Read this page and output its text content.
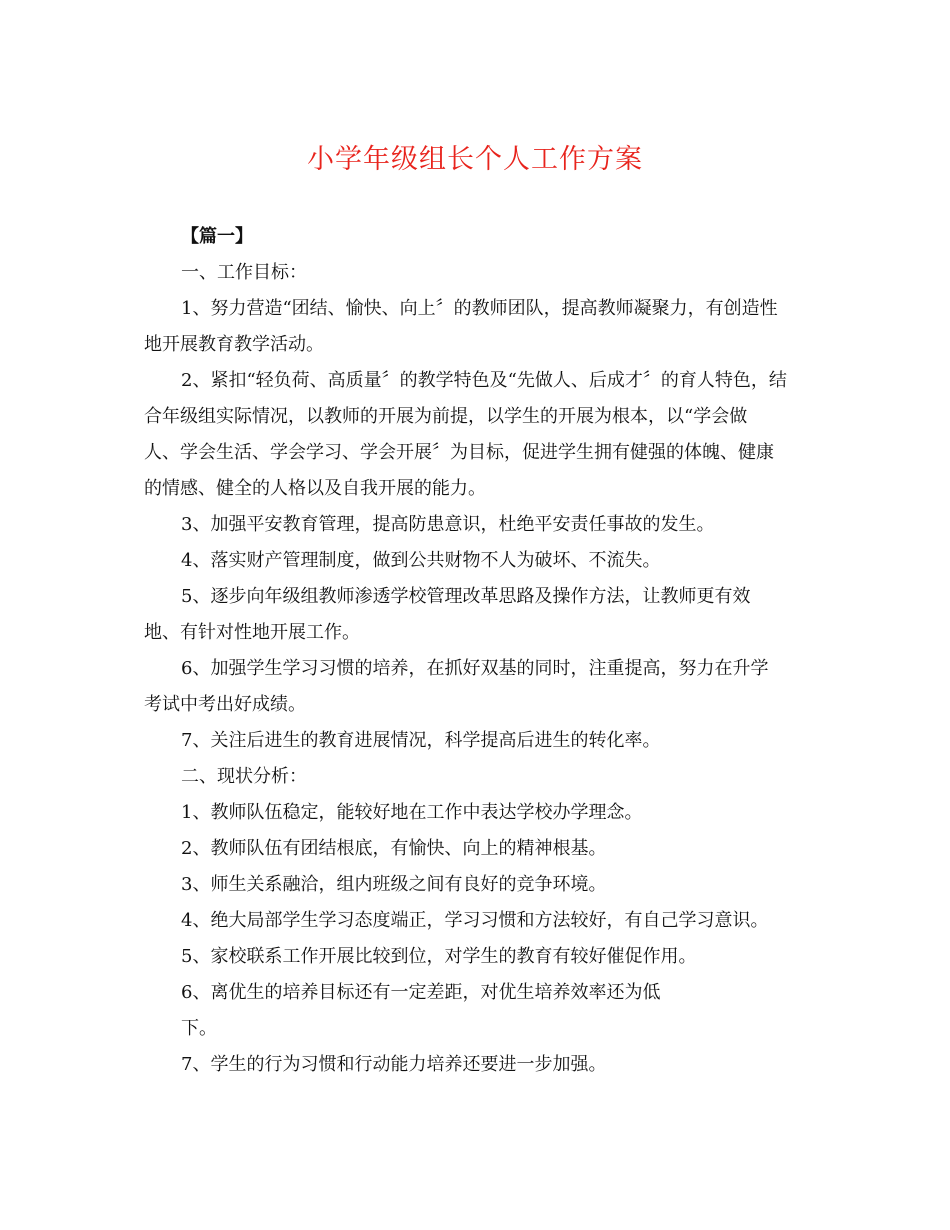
小学年级组长个人工作方案

【篇一】

一、工作目标：

1、努力营造“团结、愉快、向上〞的教师团队，提高教师凝聚力，有创造性

地开展教育教学活动。

2、紧扣“轻负荷、高质量〞的教学特色及“先做人、后成才〞的育人特色，结

合年级组实际情况，以教师的开展为前提，以学生的开展为根本，以“学会做

人、学会生活、学会学习、学会开展〞为目标，促进学生拥有健强的体魄、健康

的情感、健全的人格以及自我开展的能力。

3、加强平安教育管理，提高防患意识，杜绝平安责任事故的发生。

4、落实财产管理制度，做到公共财物不人为破坏、不流失。

5、逐步向年级组教师渗透学校管理改革思路及操作方法，让教师更有效

地、有针对性地开展工作。

6、加强学生学习习惯的培养，在抓好双基的同时，注重提高，努力在升学

考试中考出好成绩。

7、关注后进生的教育进展情况，科学提高后进生的转化率。

二、现状分析：

1、教师队伍稳定，能较好地在工作中表达学校办学理念。

2、教师队伍有团结根底，有愉快、向上的精神根基。

3、师生关系融洽，组内班级之间有良好的竞争环境。

4、绝大局部学生学习态度端正，学习习惯和方法较好，有自己学习意识。

5、家校联系工作开展比较到位，对学生的教育有较好催促作用。

6、离优生的培养目标还有一定差距，对优生培养效率还为低

下。

7、学生的行为习惯和行动能力培养还要进一步加强。
